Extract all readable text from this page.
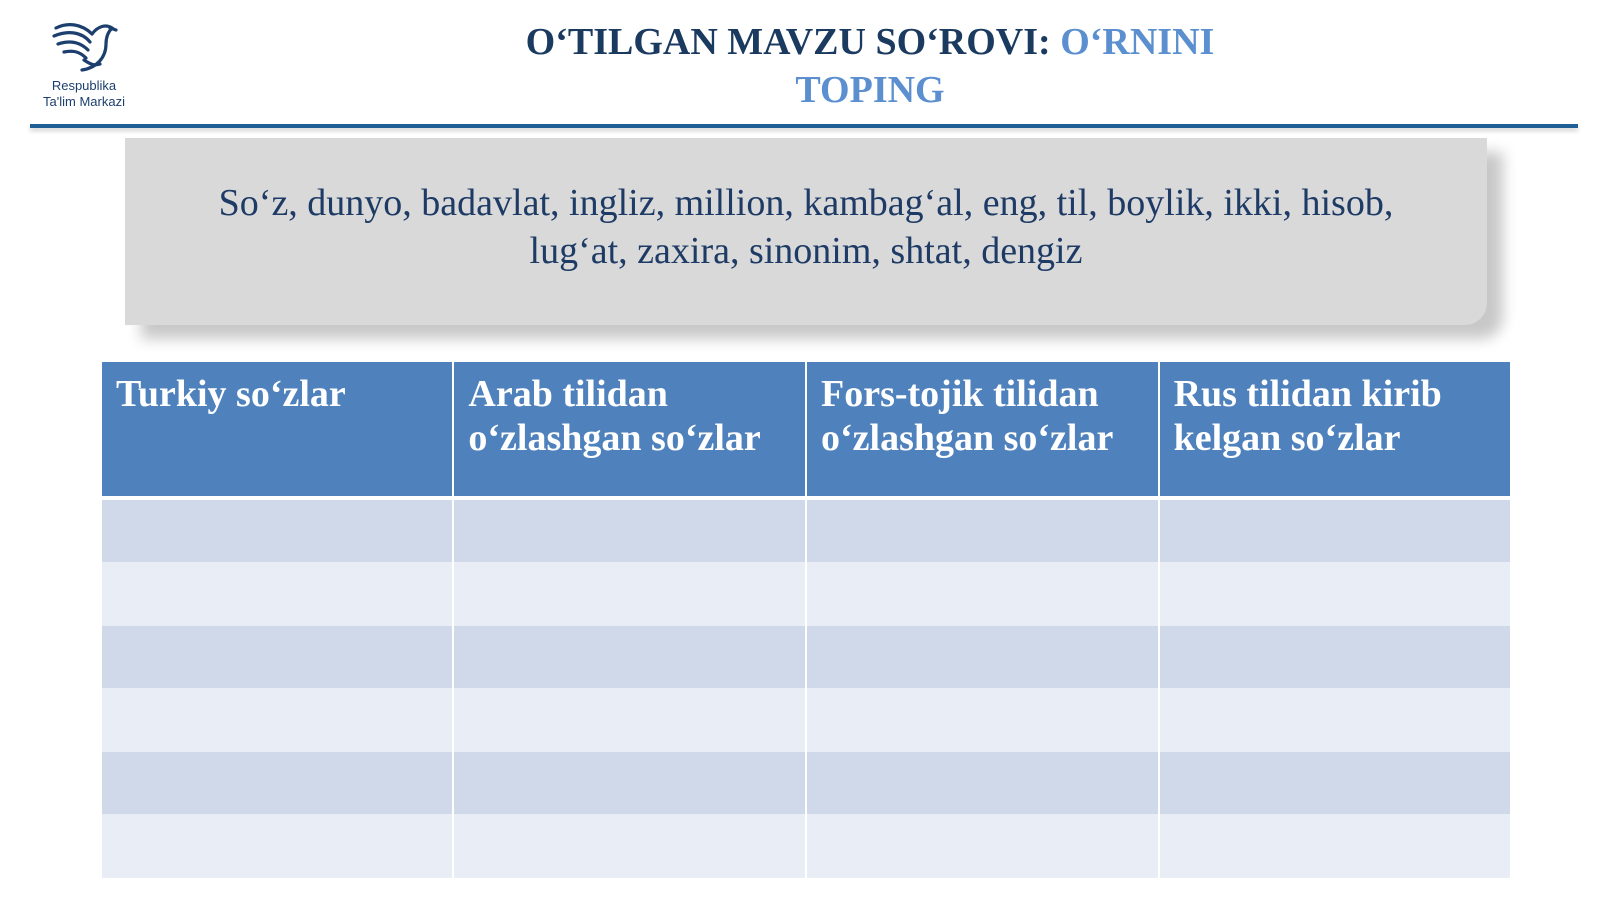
Respublika
Ta'lim Markazi
O‘TILGAN MAVZU SO‘ROVI: O‘RNINI
TOPING
So‘z, dunyo, badavlat, ingliz, million, kambag‘al, eng, til, boylik, ikki, hisob, lug‘at, zaxira, sinonim, shtat, dengiz
Turkiy so‘zlar	Arab tilidan o‘zlashgan so‘zlar	Fors-tojik tilidan o‘zlashgan so‘zlar	Rus tilidan kirib kelgan so‘zlar
